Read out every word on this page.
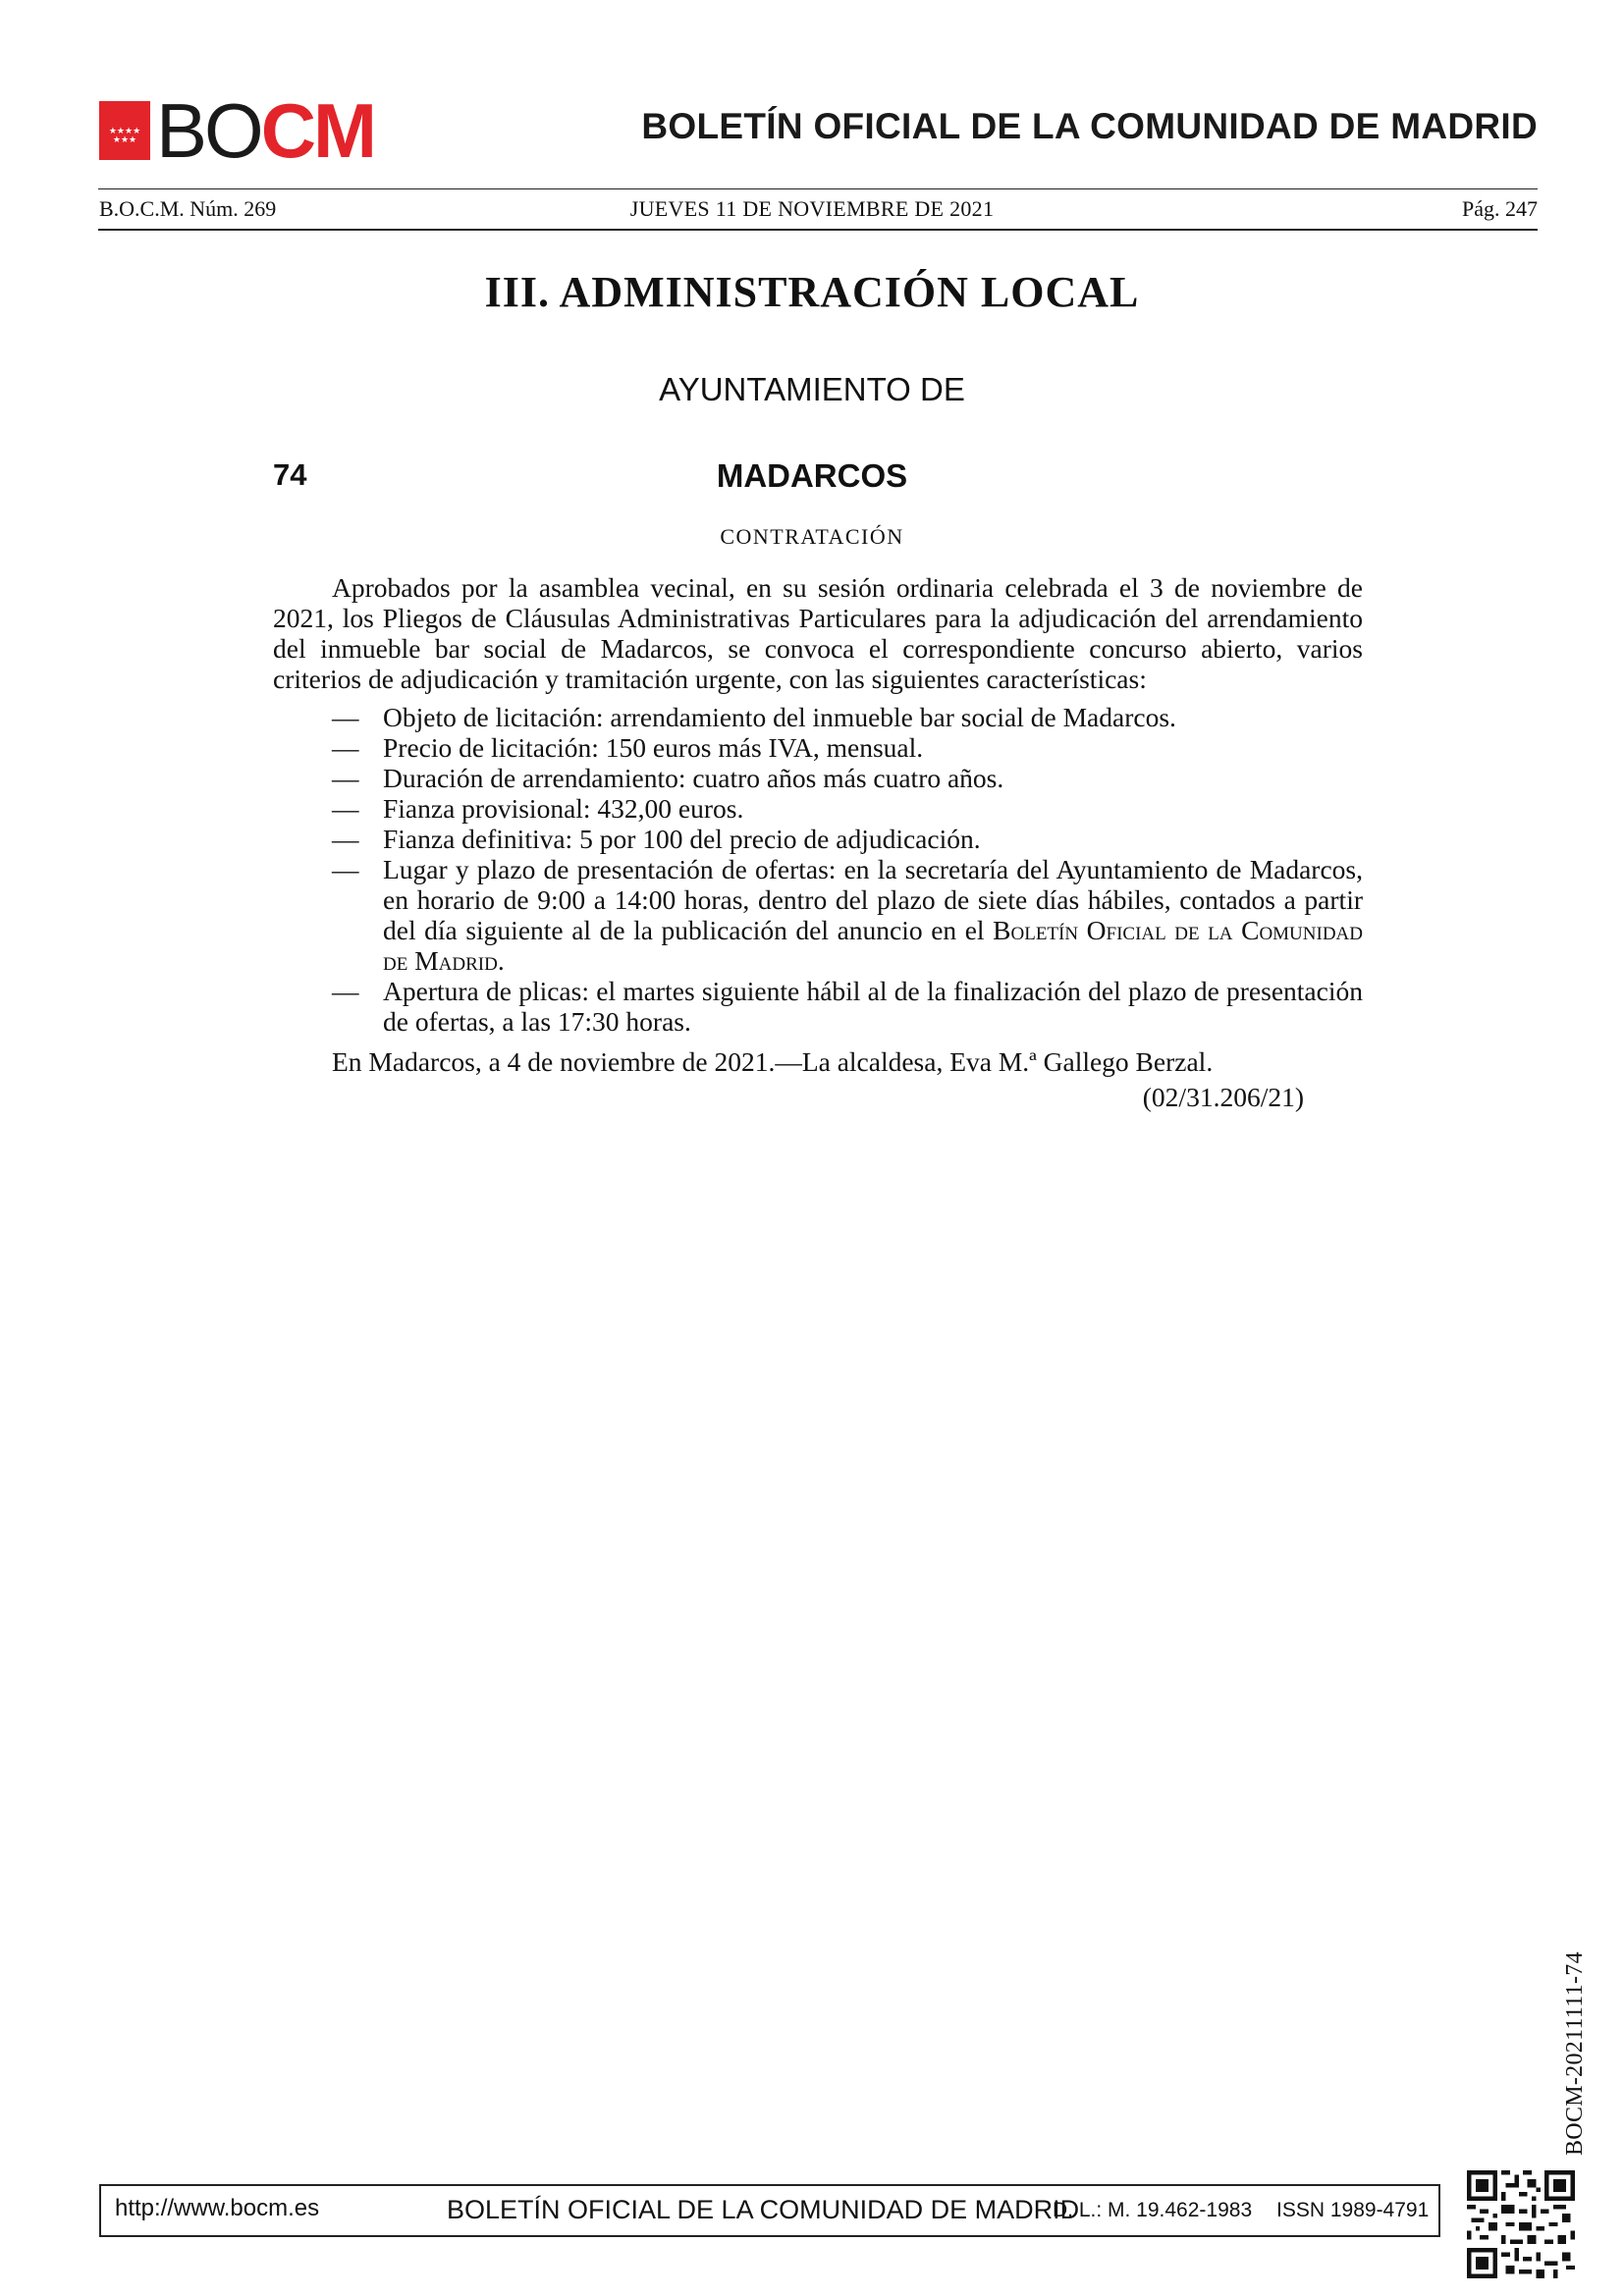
★★★★ ★★★ BOCM	BOLETÍN OFICIAL DE LA COMUNIDAD DE MADRID
B.O.C.M. Núm. 269	JUEVES 11 DE NOVIEMBRE DE 2021	Pág. 247
III. ADMINISTRACIÓN LOCAL
AYUNTAMIENTO DE
74	MADARCOS
CONTRATACIÓN

Aprobados por la asamblea vecinal, en su sesión ordinaria celebrada el 3 de noviembre de 2021, los Pliegos de Cláusulas Administrativas Particulares para la adjudicación del arrendamiento del inmueble bar social de Madarcos, se convoca el correspondiente concurso abierto, varios criterios de adjudicación y tramitación urgente, con las siguientes características:

— Objeto de licitación: arrendamiento del inmueble bar social de Madarcos.
— Precio de licitación: 150 euros más IVA, mensual.
— Duración de arrendamiento: cuatro años más cuatro años.
— Fianza provisional: 432,00 euros.
— Fianza definitiva: 5 por 100 del precio de adjudicación.
— Lugar y plazo de presentación de ofertas: en la secretaría del Ayuntamiento de Madarcos, en horario de 9:00 a 14:00 horas, dentro del plazo de siete días hábiles, contados a partir del día siguiente al de la publicación del anuncio en el Boletín Oficial de la Comunidad de Madrid.
— Apertura de plicas: el martes siguiente hábil al de la finalización del plazo de presentación de ofertas, a las 17:30 horas.

En Madarcos, a 4 de noviembre de 2021.—La alcaldesa, Eva M.ª Gallego Berzal.

(02/31.206/21)

BOCM-20211111-74
http://www.bocm.es	BOLETÍN OFICIAL DE LA COMUNIDAD DE MADRID
D. L.: M. 19.462-1983 ISSN 1989-4791
